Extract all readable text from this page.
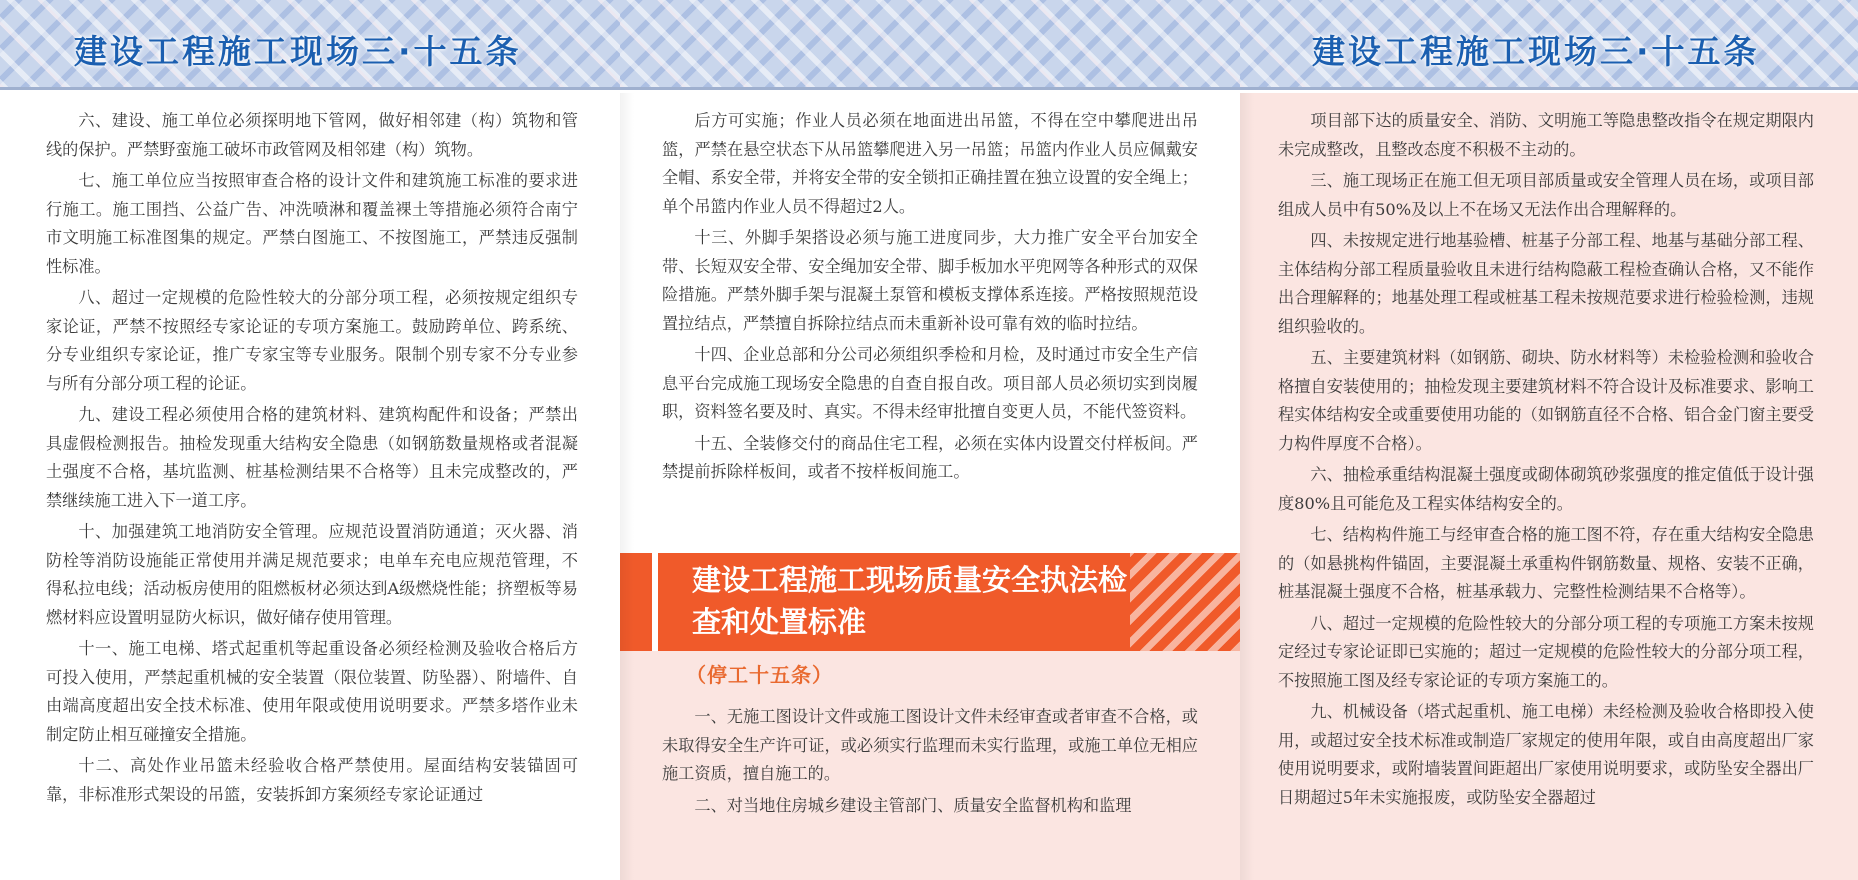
建设工程施工现场三·十五条	建设工程施工现场三·十五条

六、建设、施工单位必须探明地下管网，做好相邻建（构）筑物和管线的保护。严禁野蛮施工破坏市政管网及相邻建（构）筑物。

七、施工单位应当按照审查合格的设计文件和建筑施工标准的要求进行施工。施工围挡、公益广告、冲洗喷淋和覆盖裸土等措施必须符合南宁市文明施工标准图集的规定。严禁白图施工、不按图施工，严禁违反强制性标准。

八、超过一定规模的危险性较大的分部分项工程，必须按规定组织专家论证，严禁不按照经专家论证的专项方案施工。鼓励跨单位、跨系统、分专业组织专家论证，推广专家宝等专业服务。限制个别专家不分专业参与所有分部分项工程的论证。

九、建设工程必须使用合格的建筑材料、建筑构配件和设备；严禁出具虚假检测报告。抽检发现重大结构安全隐患（如钢筋数量规格或者混凝土强度不合格，基坑监测、桩基检测结果不合格等）且未完成整改的，严禁继续施工进入下一道工序。

十、加强建筑工地消防安全管理。应规范设置消防通道；灭火器、消防栓等消防设施能正常使用并满足规范要求；电单车充电应规范管理，不得私拉电线；活动板房使用的阻燃板材必须达到A级燃烧性能；挤塑板等易燃材料应设置明显防火标识，做好储存使用管理。

十一、施工电梯、塔式起重机等起重设备必须经检测及验收合格后方可投入使用，严禁起重机械的安全装置（限位装置、防坠器）、附墙件、自由端高度超出安全技术标准、使用年限或使用说明要求。严禁多塔作业未制定防止相互碰撞安全措施。

十二、高处作业吊篮未经验收合格严禁使用。屋面结构安装锚固可靠，非标准形式架设的吊篮，安装拆卸方案须经专家论证通过

后方可实施；作业人员必须在地面进出吊篮，不得在空中攀爬进出吊篮，严禁在悬空状态下从吊篮攀爬进入另一吊篮；吊篮内作业人员应佩戴安全帽、系安全带，并将安全带的安全锁扣正确挂置在独立设置的安全绳上；单个吊篮内作业人员不得超过2人。

十三、外脚手架搭设必须与施工进度同步，大力推广安全平台加安全带、长短双安全带、安全绳加安全带、脚手板加水平兜网等各种形式的双保险措施。严禁外脚手架与混凝土泵管和模板支撑体系连接。严格按照规范设置拉结点，严禁擅自拆除拉结点而未重新补设可靠有效的临时拉结。

十四、企业总部和分公司必须组织季检和月检，及时通过市安全生产信息平台完成施工现场安全隐患的自查自报自改。项目部人员必须切实到岗履职，资料签名要及时、真实。不得未经审批擅自变更人员，不能代签资料。

十五、全装修交付的商品住宅工程，必须在实体内设置交付样板间。严禁提前拆除样板间，或者不按样板间施工。

建设工程施工现场质量安全执法检查和处置标准
（停工十五条）

一、无施工图设计文件或施工图设计文件未经审查或者审查不合格，或未取得安全生产许可证，或必须实行监理而未实行监理，或施工单位无相应施工资质，擅自施工的。

二、对当地住房城乡建设主管部门、质量安全监督机构和监理

项目部下达的质量安全、消防、文明施工等隐患整改指令在规定期限内未完成整改，且整改态度不积极不主动的。

三、施工现场正在施工但无项目部质量或安全管理人员在场，或项目部组成人员中有50%及以上不在场又无法作出合理解释的。

四、未按规定进行地基验槽、桩基子分部工程、地基与基础分部工程、主体结构分部工程质量验收且未进行结构隐蔽工程检查确认合格，又不能作出合理解释的；地基处理工程或桩基工程未按规范要求进行检验检测，违规组织验收的。

五、主要建筑材料（如钢筋、砌块、防水材料等）未检验检测和验收合格擅自安装使用的；抽检发现主要建筑材料不符合设计及标准要求、影响工程实体结构安全或重要使用功能的（如钢筋直径不合格、铝合金门窗主要受力构件厚度不合格）。

六、抽检承重结构混凝土强度或砌体砌筑砂浆强度的推定值低于设计强度80%且可能危及工程实体结构安全的。

七、结构构件施工与经审查合格的施工图不符，存在重大结构安全隐患的（如悬挑构件锚固，主要混凝土承重构件钢筋数量、规格、安装不正确，桩基混凝土强度不合格，桩基承载力、完整性检测结果不合格等）。

八、超过一定规模的危险性较大的分部分项工程的专项施工方案未按规定经过专家论证即已实施的；超过一定规模的危险性较大的分部分项工程，不按照施工图及经专家论证的专项方案施工的。

九、机械设备（塔式起重机、施工电梯）未经检测及验收合格即投入使用，或超过安全技术标准或制造厂家规定的使用年限，或自由高度超出厂家使用说明要求，或附墙装置间距超出厂家使用说明要求，或防坠安全器出厂日期超过5年未实施报废，或防坠安全器超过
